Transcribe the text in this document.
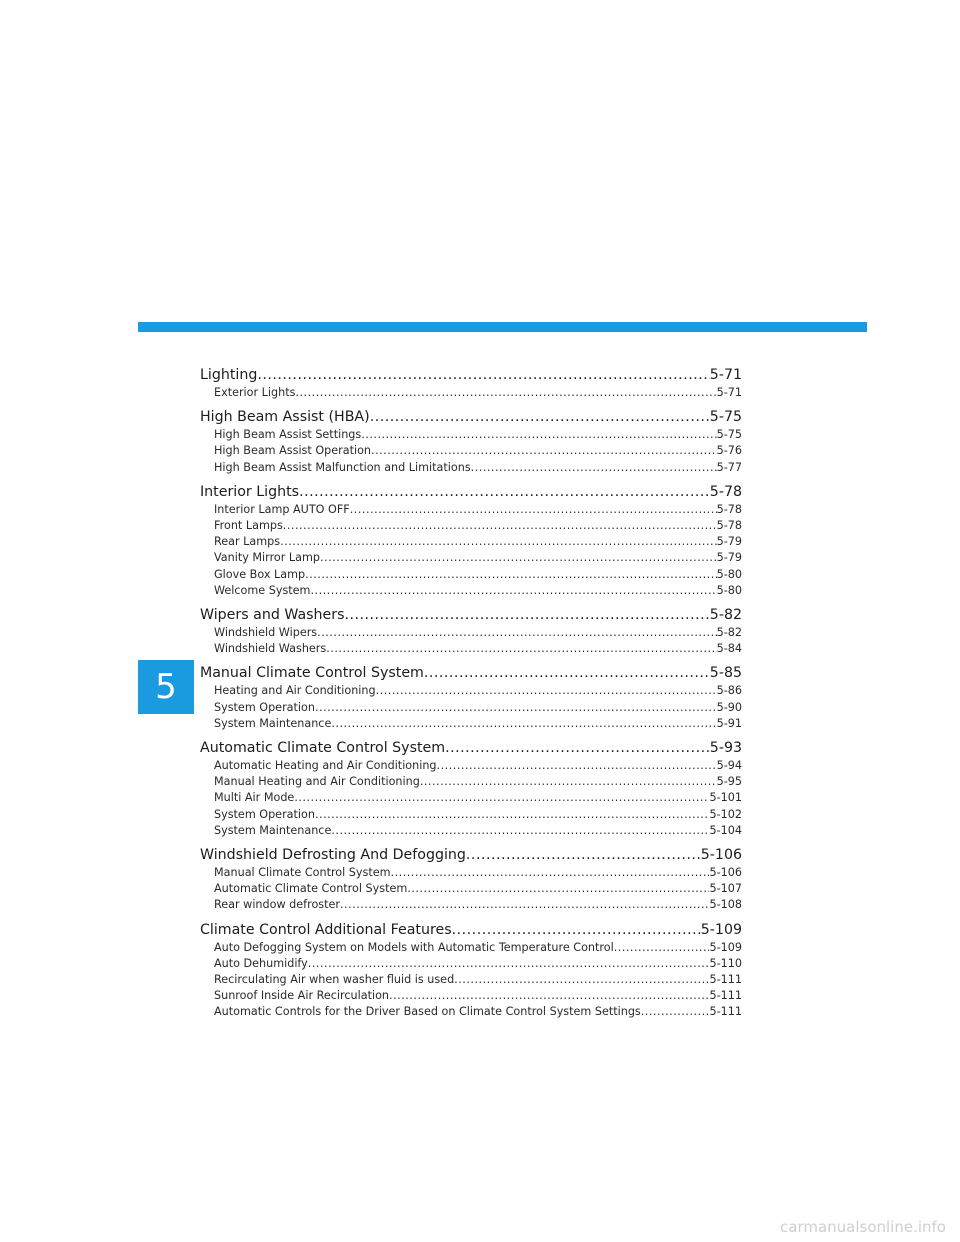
5
Lighting .....	5-71
Exterior Lights .....	5-71
High Beam Assist (HBA) .....	5-75
High Beam Assist Settings .....	5-75
High Beam Assist Operation .....	5-76
High Beam Assist Malfunction and Limitations .....	5-77
Interior Lights .....	5-78
Interior Lamp AUTO OFF .....	5-78
Front Lamps .....	5-78
Rear Lamps .....	5-79
Vanity Mirror Lamp .....	5-79
Glove Box Lamp .....	5-80
Welcome System .....	5-80
Wipers and Washers .....	5-82
Windshield Wipers .....	5-82
Windshield Washers .....	5-84
Manual Climate Control System .....	5-85
Heating and Air Conditioning .....	5-86
System Operation .....	5-90
System Maintenance .....	5-91
Automatic Climate Control System .....	5-93
Automatic Heating and Air Conditioning .....	5-94
Manual Heating and Air Conditioning .....	5-95
Multi Air Mode .....	5-101
System Operation .....	5-102
System Maintenance .....	5-104
Windshield Defrosting And Defogging .....	5-106
Manual Climate Control System .....	5-106
Automatic Climate Control System .....	5-107
Rear window defroster .....	5-108
Climate Control Additional Features .....	5-109
Auto Defogging System on Models with Automatic Temperature Control .....	5-109
Auto Dehumidify .....	5-110
Recirculating Air when washer fluid is used .....	5-111
Sunroof Inside Air Recirculation .....	5-111
Automatic Controls for the Driver Based on Climate Control System Settings .....	5-111
carmanualsonline.info
